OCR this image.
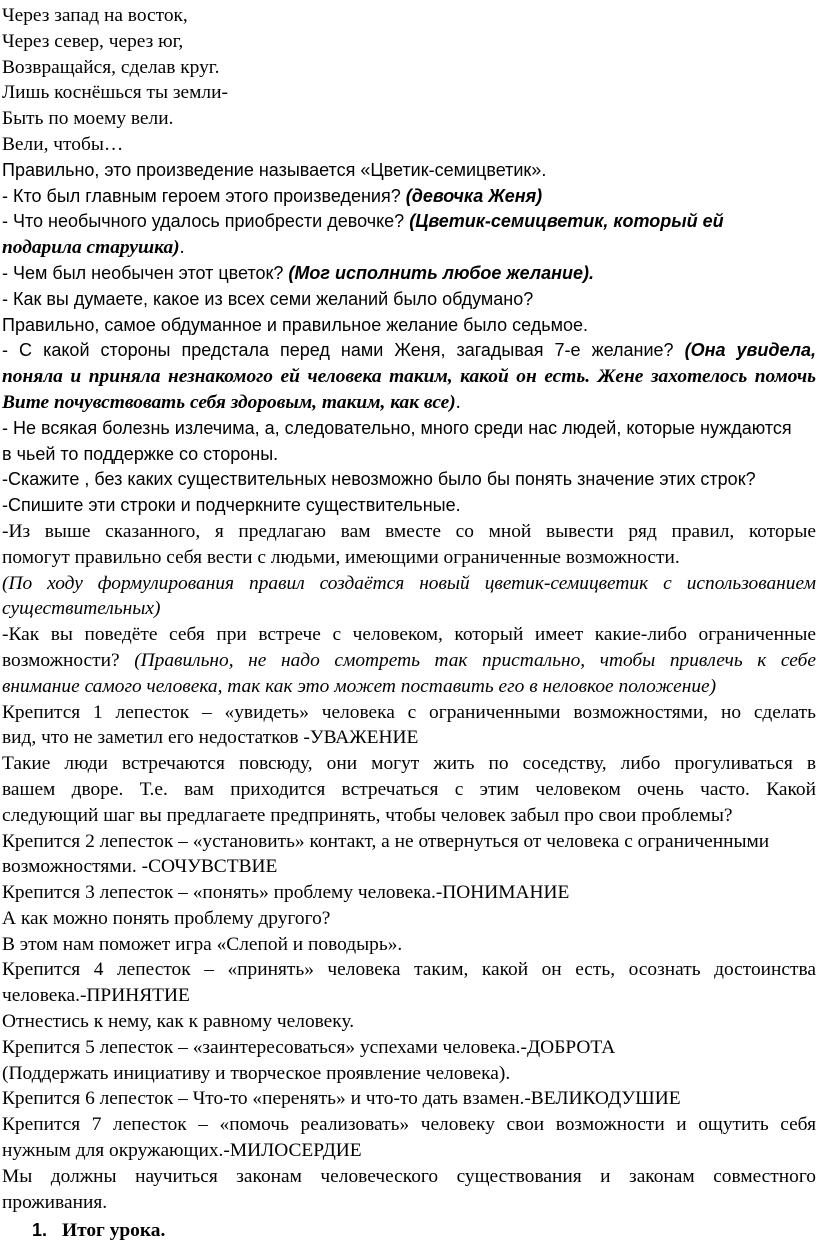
Через запад на восток,
Через север, через юг,
Возвращайся, сделав круг.
Лишь коснёшься ты земли-
Быть по моему вели.
Вели, чтобы…
Правильно, это произведение называется «Цветик-семицветик».
- Кто был главным героем этого произведения? (девочка Женя)
- Что необычного удалось приобрести девочке? (Цветик-семицветик, который ей
подарила старушка).
- Чем был необычен этот цветок? (Мог исполнить любое желание).
- Как вы думаете, какое из всех семи желаний было обдумано?
Правильно, самое обдуманное и правильное желание было седьмое.
- С какой стороны предстала перед нами Женя, загадывая 7-е желание? (Она увидела,
поняла и приняла незнакомого ей человека таким, какой он есть. Жене захотелось помочь
Вите почувствовать себя здоровым, таким, как все).
- Не всякая болезнь излечима, а, следовательно, много среди нас людей, которые нуждаются
в чьей то поддержке со стороны.
-Скажите , без каких существительных невозможно было бы понять значение этих строк?
-Спишите эти строки и подчеркните существительные.
-Из выше сказанного, я предлагаю вам вместе со мной вывести ряд правил, которые
помогут правильно себя вести с людьми, имеющими ограниченные возможности.
(По ходу формулирования правил создаётся новый цветик-семицветик с использованием
существительных)
-Как вы поведёте себя при встрече с человеком, который имеет какие-либо ограниченные
возможности? (Правильно, не надо смотреть так пристально, чтобы привлечь к себе
внимание самого человека, так как это может поставить его в неловкое положение)
Крепится 1 лепесток – «увидеть» человека с ограниченными возможностями, но сделать
вид, что не заметил его недостатков -УВАЖЕНИЕ
Такие люди встречаются повсюду, они могут жить по соседству, либо прогуливаться в
вашем дворе. Т.е. вам приходится встречаться с этим человеком очень часто. Какой
следующий шаг вы предлагаете предпринять, чтобы человек забыл про свои проблемы?
Крепится 2 лепесток – «установить» контакт, а не отвернуться от человека с ограниченными
возможностями. -СОЧУВСТВИЕ
Крепится 3 лепесток – «понять» проблему человека.-ПОНИМАНИЕ
А как можно понять проблему другого?
В этом нам поможет игра «Слепой и поводырь».
Крепится 4 лепесток – «принять» человека таким, какой он есть, осознать достоинства
человека.-ПРИНЯТИЕ
Отнестись к нему, как к равному человеку.
Крепится 5 лепесток – «заинтересоваться» успехами человека.-ДОБРОТА
(Поддержать инициативу и творческое проявление человека).
Крепится 6 лепесток – Что-то «перенять» и что-то дать взамен.-ВЕЛИКОДУШИЕ
Крепится 7 лепесток – «помочь реализовать» человеку свои возможности и ощутить себя
нужным для окружающих.-МИЛОСЕРДИЕ
Мы должны научиться законам человеческого существования и законам совместного
проживания.
1. Итог урока.
